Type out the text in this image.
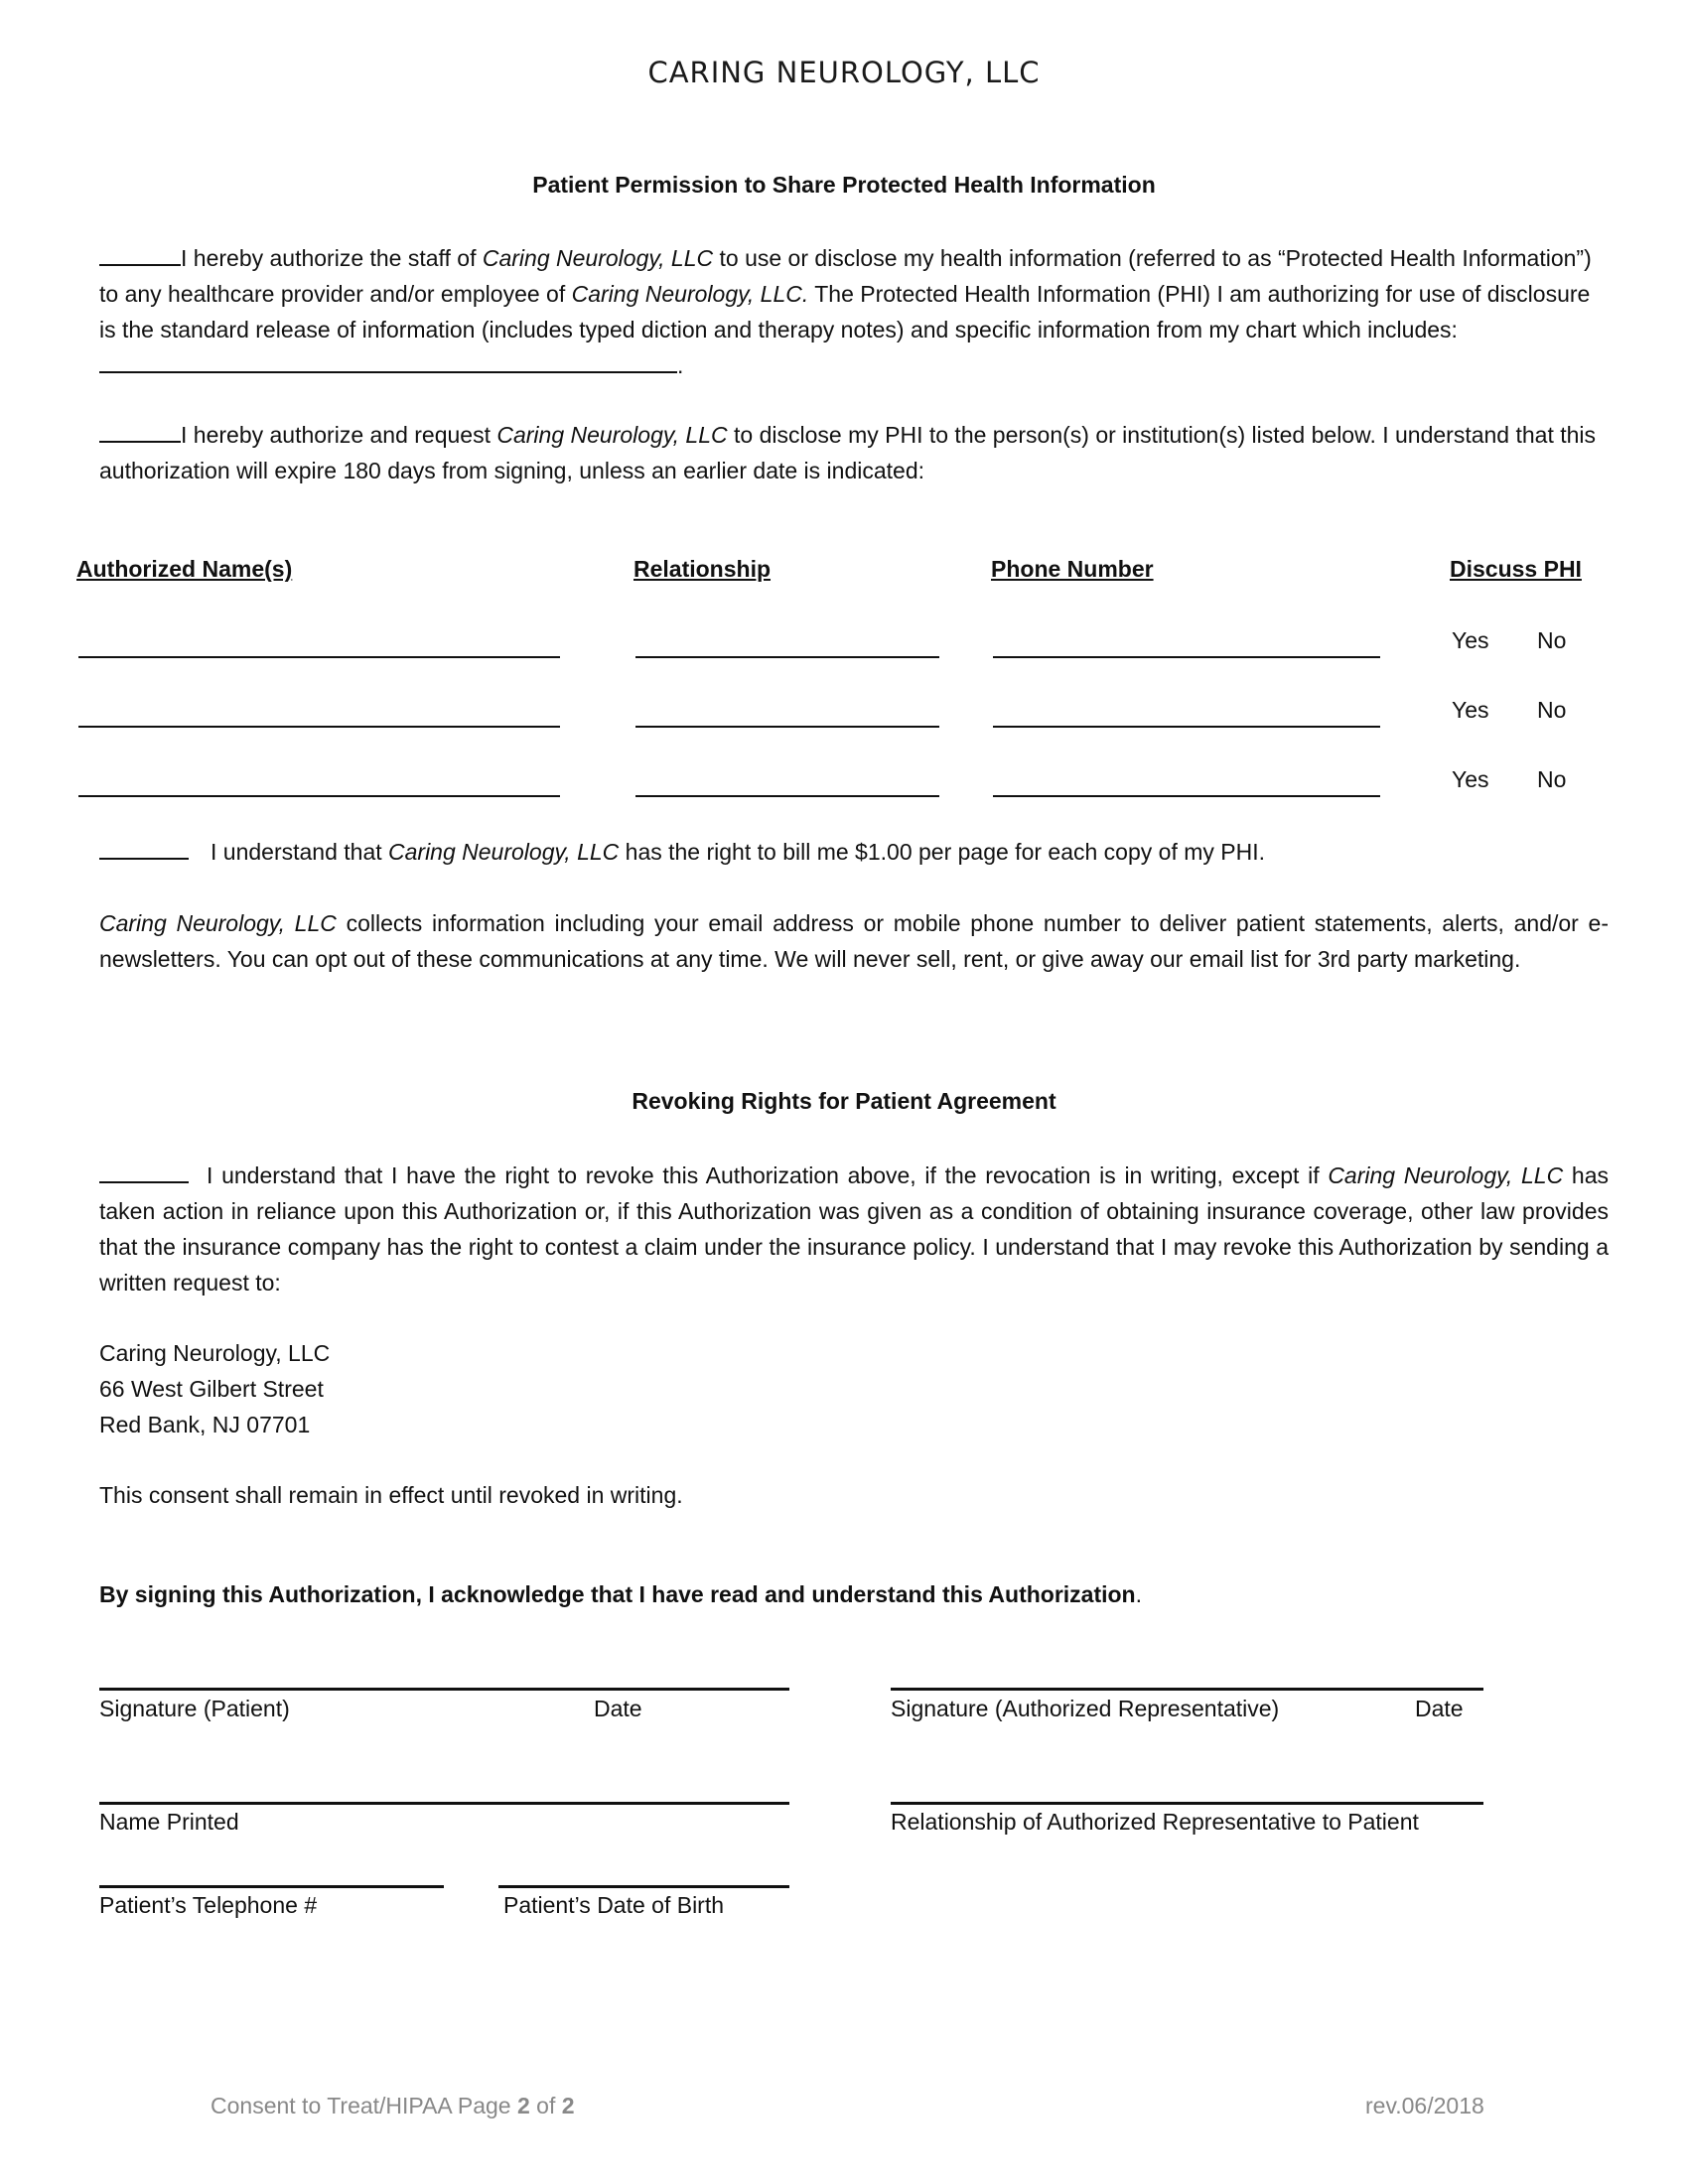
CARING NEUROLOGY, LLC
Patient Permission to Share Protected Health Information
I hereby authorize the staff of Caring Neurology, LLC to use or disclose my health information (referred to as “Protected Health Information”) to any healthcare provider and/or employee of Caring Neurology, LLC. The Protected Health Information (PHI) I am authorizing for use of disclosure is the standard release of information (includes typed diction and therapy notes) and specific information from my chart which includes: .
I hereby authorize and request Caring Neurology, LLC to disclose my PHI to the person(s) or institution(s) listed below. I understand that this authorization will expire 180 days from signing, unless an earlier date is indicated:
Authorized Name(s)	Relationship	Phone Number	Discuss PHI
Yes No
Yes No
Yes No
I understand that Caring Neurology, LLC has the right to bill me $1.00 per page for each copy of my PHI.
Caring Neurology, LLC collects information including your email address or mobile phone number to deliver patient statements, alerts, and/or e-newsletters. You can opt out of these communications at any time. We will never sell, rent, or give away our email list for 3rd party marketing.
Revoking Rights for Patient Agreement
I understand that I have the right to revoke this Authorization above, if the revocation is in writing, except if Caring Neurology, LLC has taken action in reliance upon this Authorization or, if this Authorization was given as a condition of obtaining insurance coverage, other law provides that the insurance company has the right to contest a claim under the insurance policy. I understand that I may revoke this Authorization by sending a written request to:
Caring Neurology, LLC
66 West Gilbert Street
Red Bank, NJ 07701
This consent shall remain in effect until revoked in writing.
By signing this Authorization, I acknowledge that I have read and understand this Authorization.
Signature (Patient)	Date	Signature (Authorized Representative)	Date
Name Printed	Relationship of Authorized Representative to Patient
Patient’s Telephone #	Patient’s Date of Birth
Consent to Treat/HIPAA Page 2 of 2	rev.06/2018
